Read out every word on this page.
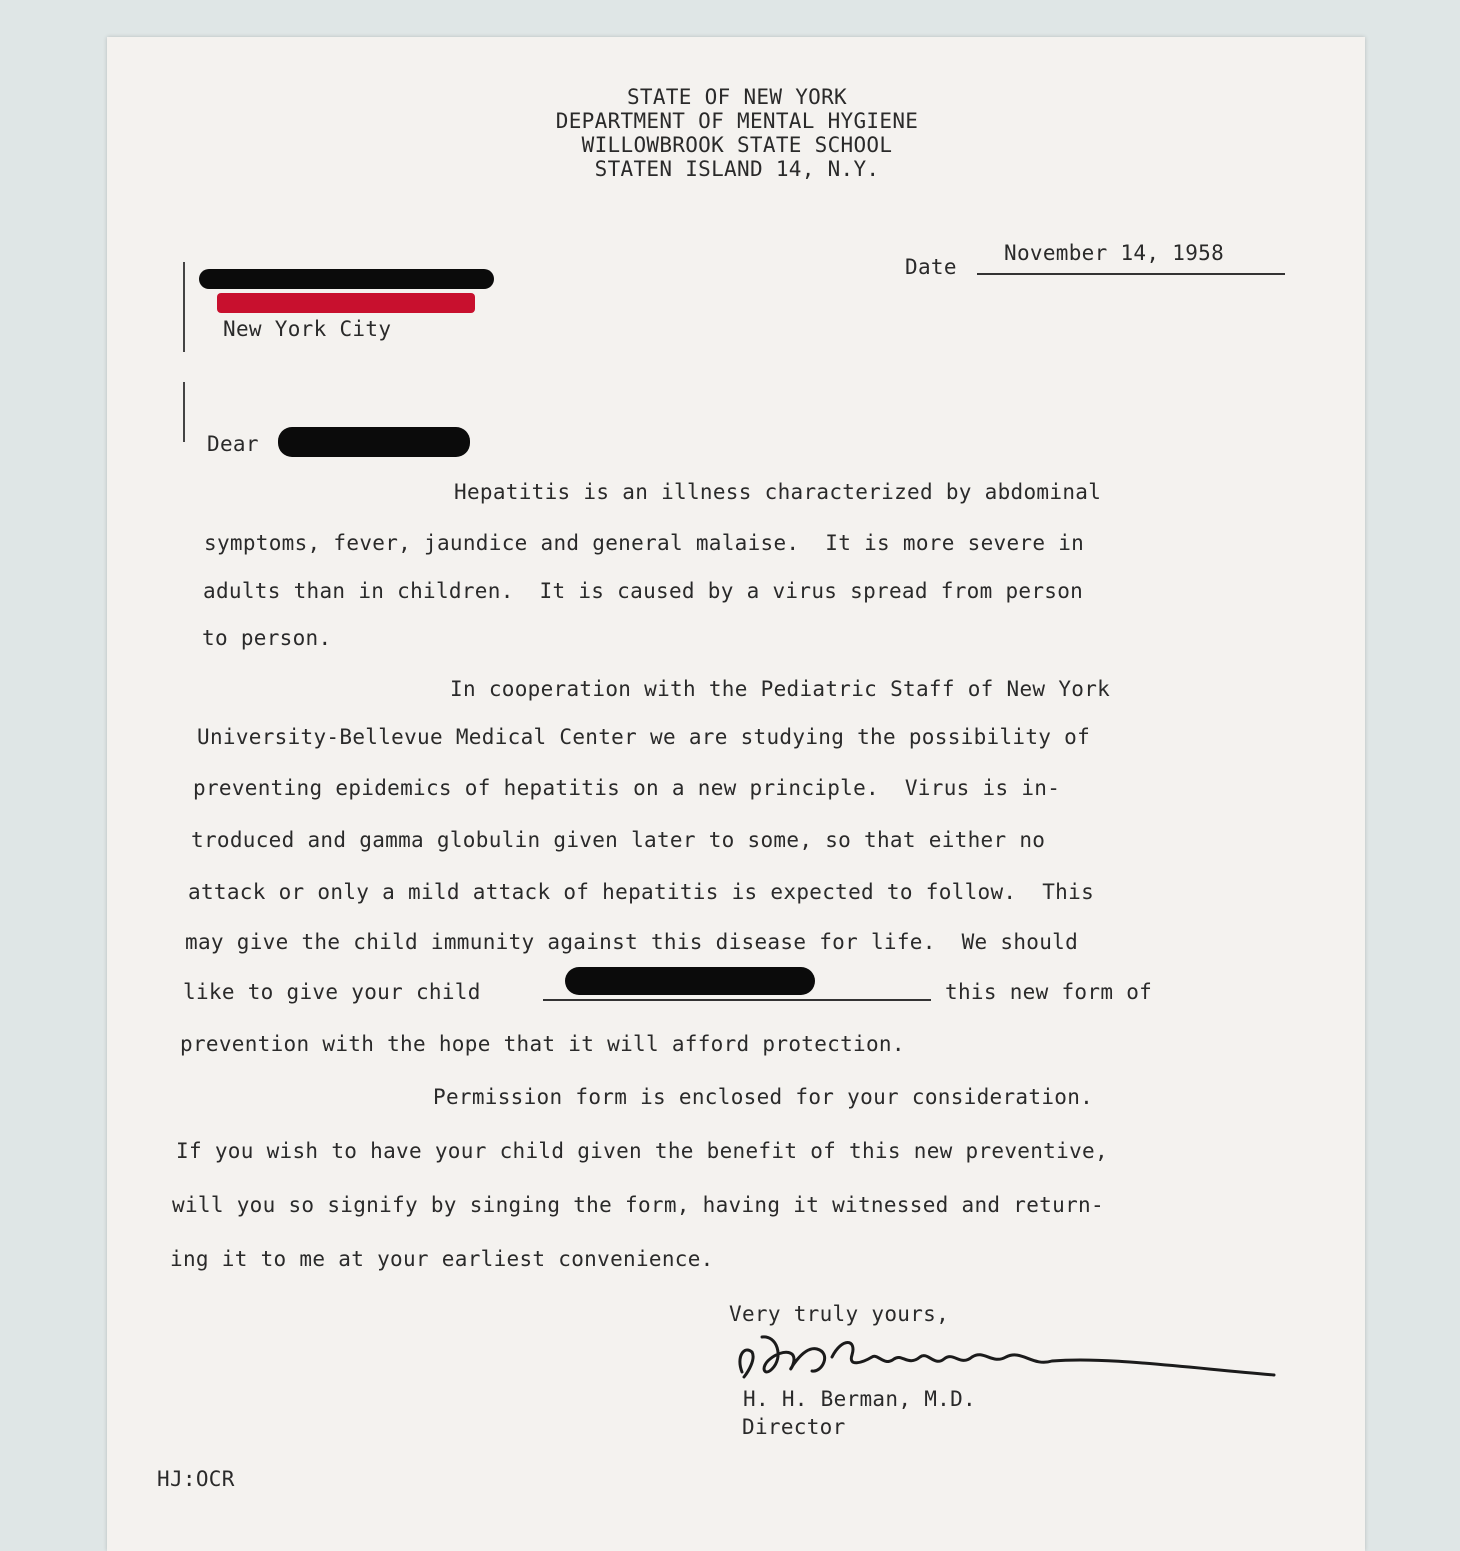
STATE OF NEW YORK
DEPARTMENT OF MENTAL HYGIENE
WILLOWBROOK STATE SCHOOL
STATEN ISLAND 14, N.Y.
Date
November 14, 1958
New York City
Dear
Hepatitis is an illness characterized by abdominal
symptoms, fever, jaundice and general malaise.  It is more severe in
adults than in children.  It is caused by a virus spread from person
to person.
In cooperation with the Pediatric Staff of New York
University-Bellevue Medical Center we are studying the possibility of
preventing epidemics of hepatitis on a new principle.  Virus is in-
troduced and gamma globulin given later to some, so that either no
attack or only a mild attack of hepatitis is expected to follow.  This
may give the child immunity against this disease for life.  We should
like to give your child	this new form of
prevention with the hope that it will afford protection.
Permission form is enclosed for your consideration.
If you wish to have your child given the benefit of this new preventive,
will you so signify by singing the form, having it witnessed and return-
ing it to me at your earliest convenience.
Very truly yours,
H. H. Berman, M.D.
Director
HJ:OCR
